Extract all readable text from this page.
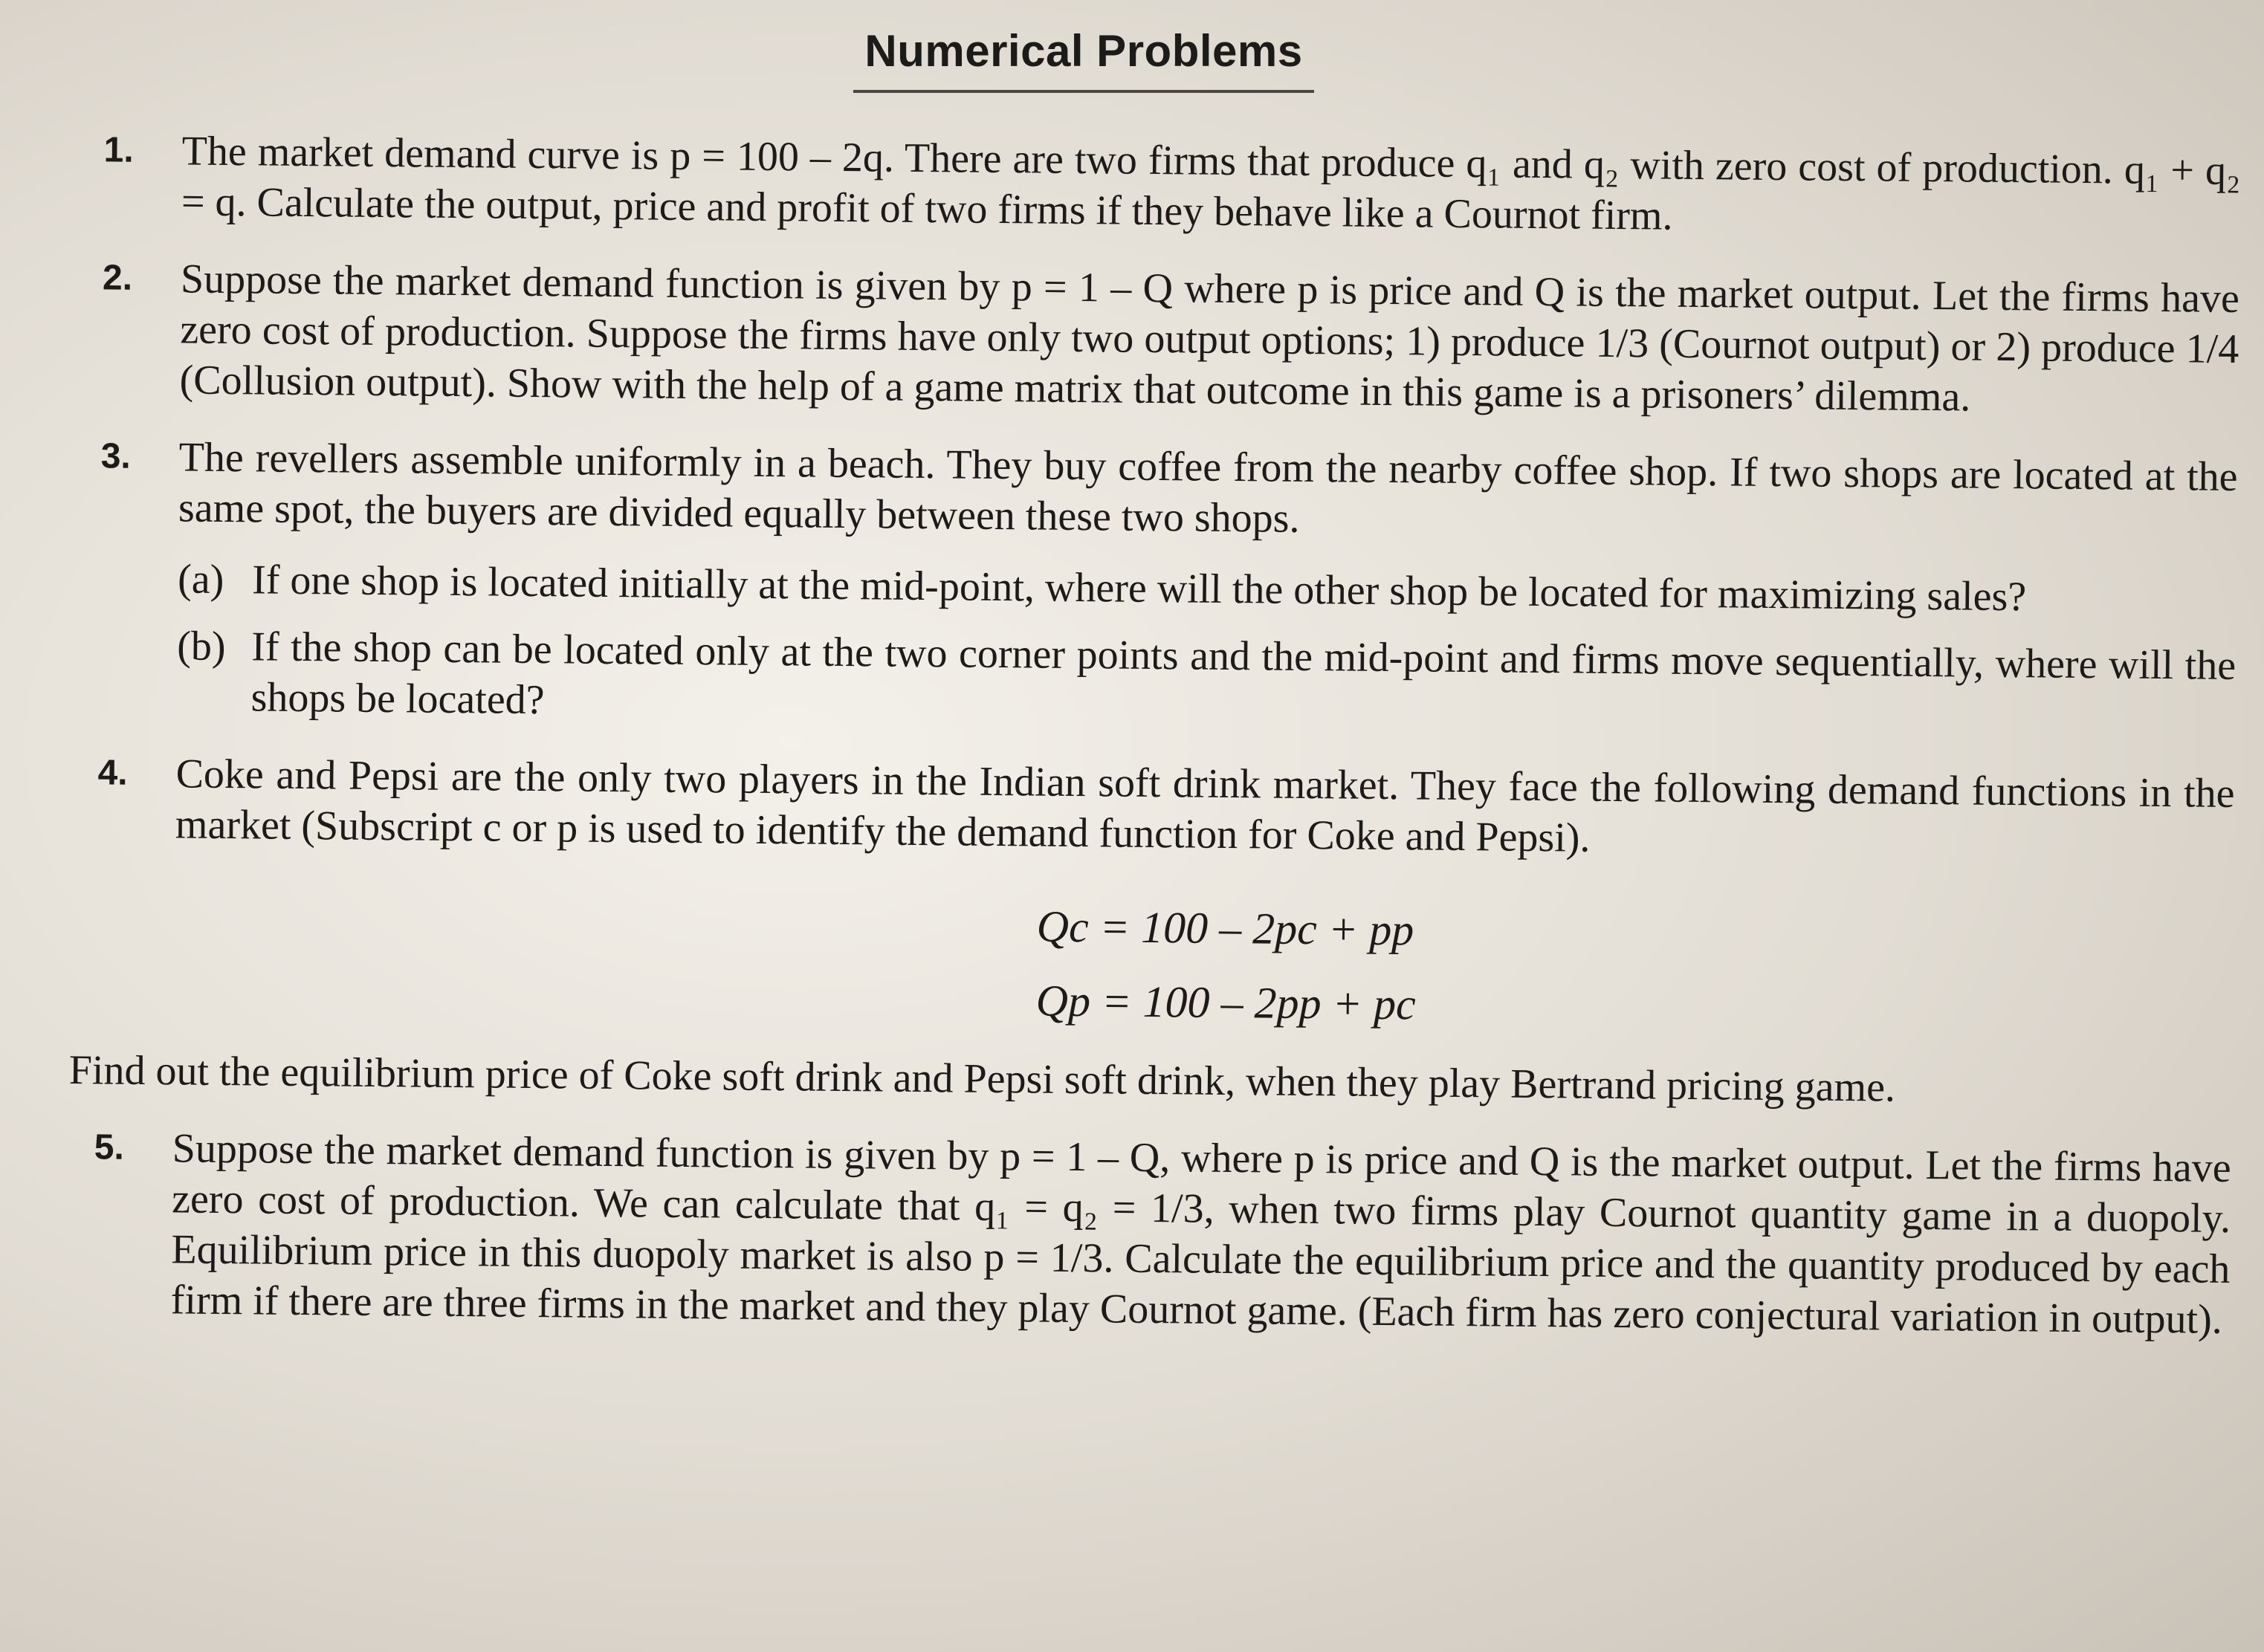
Numerical Problems
1. The market demand curve is p = 100 – 2q. There are two firms that produce q₁ and q₂ with zero cost of production. q₁ + q₂ = q. Calculate the output, price and profit of two firms if they behave like a Cournot firm.
2. Suppose the market demand function is given by p = 1 – Q where p is price and Q is the market output. Let the firms have zero cost of production. Suppose the firms have only two output options; 1) produce 1/3 (Cournot output) or 2) produce 1/4 (Collusion output). Show with the help of a game matrix that outcome in this game is a prisoners’ dilemma.
3. The revellers assemble uniformly in a beach. They buy coffee from the nearby coffee shop. If two shops are located at the same spot, the buyers are divided equally between these two shops.
(a) If one shop is located initially at the mid-point, where will the other shop be located for maximizing sales?
(b) If the shop can be located only at the two corner points and the mid-point and firms move sequentially, where will the shops be located?
4. Coke and Pepsi are the only two players in the Indian soft drink market. They face the following demand functions in the market (Subscript c or p is used to identify the demand function for Coke and Pepsi).
Qc = 100 – 2pc + pp
Qp = 100 – 2pp + pc
Find out the equilibrium price of Coke soft drink and Pepsi soft drink, when they play Bertrand pricing game.
5. Suppose the market demand function is given by p = 1 – Q, where p is price and Q is the market output. Let the firms have zero cost of production. We can calculate that q₁ = q₂ = 1/3, when two firms play Cournot quantity game in a duopoly. Equilibrium price in this duopoly market is also p = 1/3. Calculate the equilibrium price and the quantity produced by each firm if there are three firms in the market and they play Cournot game. (Each firm has zero conjectural variation in output).
